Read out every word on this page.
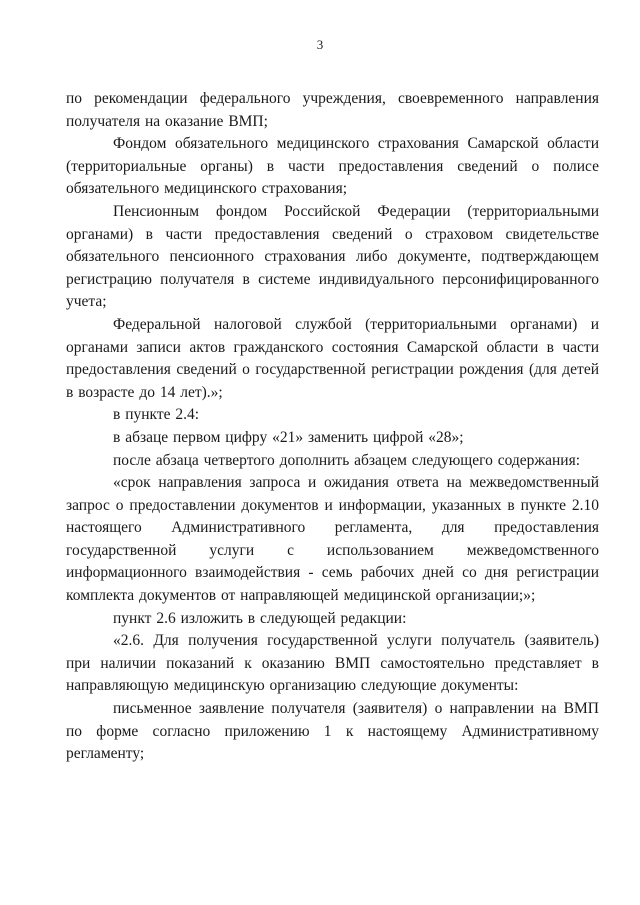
3

по рекомендации федерального учреждения, своевременного направления получателя на оказание ВМП;

Фондом обязательного медицинского страхования Самарской области (территориальные органы) в части предоставления сведений о полисе обязательного медицинского страхования;

Пенсионным фондом Российской Федерации (территориальными органами) в части предоставления сведений о страховом свидетельстве обязательного пенсионного страхования либо документе, подтверждающем регистрацию получателя в системе индивидуального персонифицированного учета;

Федеральной налоговой службой (территориальными органами) и органами записи актов гражданского состояния Самарской области в части предоставления сведений о государственной регистрации рождения (для детей в возрасте до 14 лет).»;

в пункте 2.4:

в абзаце первом цифру «21» заменить цифрой «28»;

после абзаца четвертого дополнить абзацем следующего содержания:

«срок направления запроса и ожидания ответа на межведомственный запрос о предоставлении документов и информации, указанных в пункте 2.10 настоящего Административного регламента, для предоставления государственной услуги с использованием межведомственного информационного взаимодействия - семь рабочих дней со дня регистрации комплекта документов от направляющей медицинской организации;»;

пункт 2.6 изложить в следующей редакции:

«2.6. Для получения государственной услуги получатель (заявитель) при наличии показаний к оказанию ВМП самостоятельно представляет в направляющую медицинскую организацию следующие документы:

письменное заявление получателя (заявителя) о направлении на ВМП по форме согласно приложению 1 к настоящему Административному регламенту;
